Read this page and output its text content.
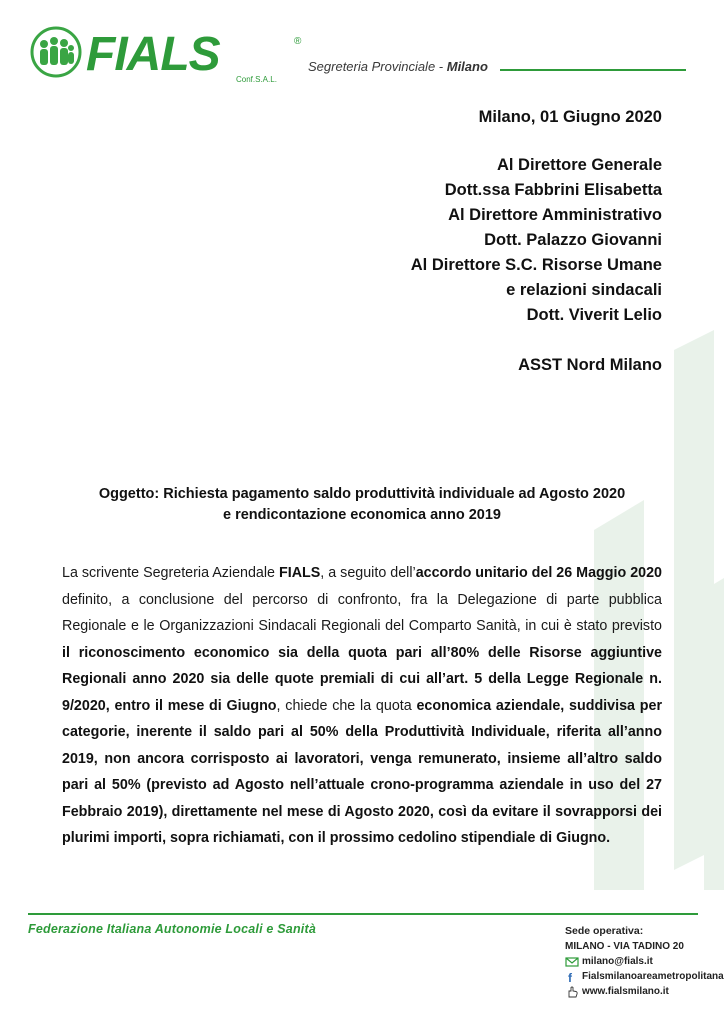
FIALS	®
Conf.S.A.L.
Segreteria Provinciale - Milano
Milano, 01 Giugno 2020
Al Direttore Generale
Dott.ssa Fabbrini Elisabetta
Al Direttore Amministrativo
Dott. Palazzo Giovanni
Al Direttore S.C. Risorse Umane
e relazioni sindacali
Dott. Viverit Lelio
ASST Nord Milano
Oggetto: Richiesta pagamento saldo produttività individuale ad Agosto 2020
e rendicontazione economica anno 2019
La scrivente Segreteria Aziendale FIALS, a seguito dell’accordo unitario del 26 Maggio 2020 definito, a conclusione del percorso di confronto, fra la Delegazione di parte pubblica Regionale e le Organizzazioni Sindacali Regionali del Comparto Sanità, in cui è stato previsto il riconoscimento economico sia della quota pari all’80% delle Risorse aggiuntive Regionali anno 2020 sia delle quote premiali di cui all’art. 5 della Legge Regionale n. 9/2020, entro il mese di Giugno, chiede che la quota economica aziendale, suddivisa per categorie, inerente il saldo pari al 50% della Produttività Individuale, riferita all’anno 2019, non ancora corrisposto ai lavoratori, venga remunerato, insieme all’altro saldo pari al 50% (previsto ad Agosto nell’attuale crono-programma aziendale in uso del 27 Febbraio 2019), direttamente nel mese di Agosto 2020, così da evitare il sovrapporsi dei plurimi importi, sopra richiamati, con il prossimo cedolino stipendiale di Giugno.
Federazione Italiana Autonomie Locali e Sanità	Sede operativa:
MILANO - VIA TADINO 20
milano@fials.it
f Fialsmilanoareametropolitana
www.fialsmilano.it
